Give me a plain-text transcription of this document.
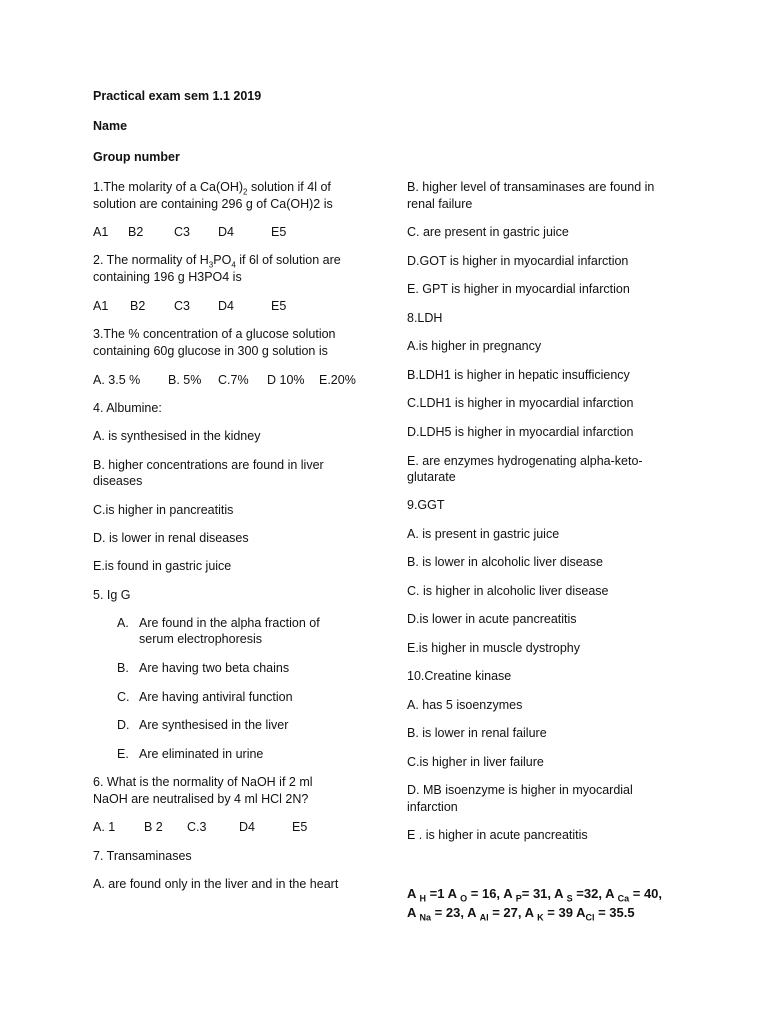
Practical exam sem 1.1 2019
Name
Group number
1.The molarity of a $Ca(OH)_2$ solution if 4l of
solution are containing 296 g of Ca(OH)2 is
A1 B2 C3 D4	E5
2. The normality of $H_3PO_4$ if 6l of solution are
containing 196 g H3PO4 is
A1 B2 C3 D4	E5
3.The % concentration of a glucose solution
containing 60g glucose in 300 g solution is
A. 3.5 % B. 5% C.7% D 10% E.20%
4. Albumine:
A. is synthesised in the kidney
B. higher concentrations are found in liver
diseases
C.is higher in pancreatitis
D. is lower in renal diseases
E.is found in gastric juice
5. Ig G
A. Are found in the alpha fraction of
serum electrophoresis
B. Are having two beta chains
C. Are having antiviral function
D. Are synthesised in the liver
E. Are eliminated in urine
6. What is the normality of NaOH if 2 ml
NaOH are neutralised by 4 ml HCl 2N?
A. 1 B 2 C.3	D4	E5
7. Transaminases
A. are found only in the liver and in the heart
B. higher level of transaminases are found in
renal failure
C. are present in gastric juice
D.GOT is higher in myocardial infarction
E. GPT is higher in myocardial infarction
8.LDH
A.is higher in pregnancy
B.LDH1 is higher in hepatic insufficiency
C.LDH1 is higher in myocardial infarction
D.LDH5 is higher in myocardial infarction
E. are enzymes hydrogenating alpha-keto-
glutarate
9.GGT
A. is present in gastric juice
B. is lower in alcoholic liver disease
C. is higher in alcoholic liver disease
D.is lower in acute pancreatitis
E.is higher in muscle dystrophy
10.Creatine kinase
A. has 5 isoenzymes
B. is lower in renal failure
C.is higher in liver failure
D. MB isoenzyme is higher in myocardial
infarction
E . is higher in acute pancreatitis
A $_H$ =1 A $_O$ = 16, A $_P$= 31, A $_S$ =32, A $_{Ca}$ = 40,
A $_{Na}$ = 23, A $_{Al}$ = 27, A $_K$ = 39 $A_{Cl} = 35.5$
